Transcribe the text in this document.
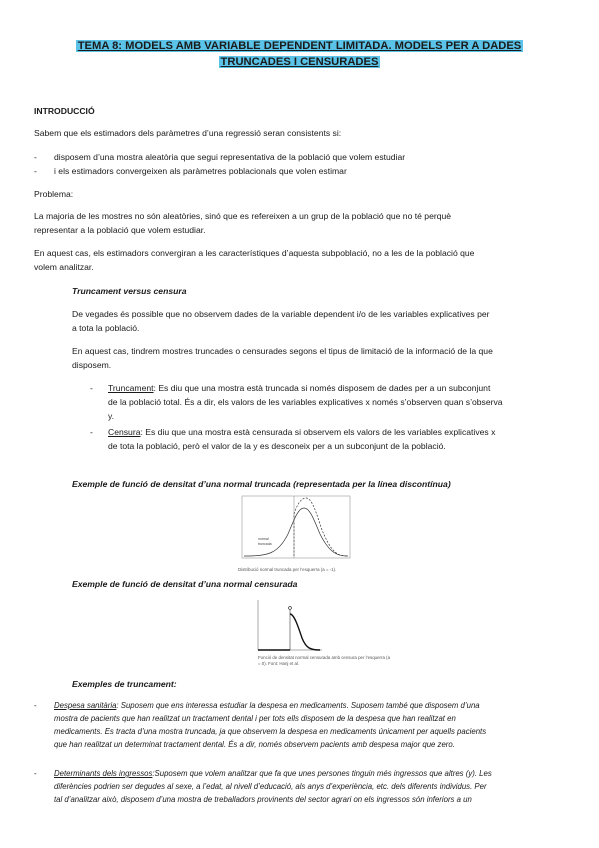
TEMA 8: MODELS AMB VARIABLE DEPENDENT LIMITADA. MODELS PER A DADES
TRUNCADES I CENSURADES
INTRODUCCIÓ
Sabem que els estimadors dels paràmetres d’una regressió seran consistents si:
- disposem d’una mostra aleatòria que segui representativa de la població que volem estudiar
- i els estimadors convergeixen als paràmetres poblacionals que volen estimar
Problema:
La majoria de les mostres no són aleatòries, sinó que es refereixen a un grup de la població que no té perquè
representar a la població que volem estudiar.
En aquest cas, els estimadors convergiran a les característiques d’aquesta subpoblació, no a les de la població que
volem analitzar.
Truncament versus censura
De vegades és possible que no observem dades de la variable dependent i/o de les variables explicatives per
a tota la població.
En aquest cas, tindrem mostres truncades o censurades segons el tipus de limitació de la informació de la que
disposem.
- Truncament: Es diu que una mostra està truncada si només disposem de dades per a un subconjunt
de la població total. És a dir, els valors de les variables explicatives x només s’observen quan s’observa
y.
- Censura: Es diu que una mostra està censurada si observem els valors de les variables explicatives x
de tota la població, però el valor de la y es desconeix per a un subconjunt de la població.
Exemple de funció de densitat d’una normal truncada (representada per la línea discontínua)
normal
truncada
Distribució normal truncada per l’esquerra (a = -1).
Exemple de funció de densitat d’una normal censurada
Funció de densitat normal censurada amb censura per l’esquerra (a
= 0). Font: Hanj et al.
Exemples de truncament:
- Despesa sanitària: Suposem que ens interessa estudiar la despesa en medicaments. Suposem també que disposem d’una
mostra de pacients que han realitzat un tractament dental i per tots ells disposem de la despesa que han realitzat en
medicaments. Es tracta d’una mostra truncada, ja que observem la despesa en medicaments únicament per aquells pacients
que han realitzat un determinat tractament dental. És a dir, només observem pacients amb despesa major que zero.
- Determinants dels ingressos:Suposem que volem analitzar que fa que unes persones tinguin més ingressos que altres (y). Les
diferències podrien ser degudes al sexe, a l’edat, al nivell d’educació, als anys d’experiència, etc. dels diferents individus. Per
tal d’analitzar això, disposem d’una mostra de treballadors provinents del sector agrari on els ingressos són inferiors a un
